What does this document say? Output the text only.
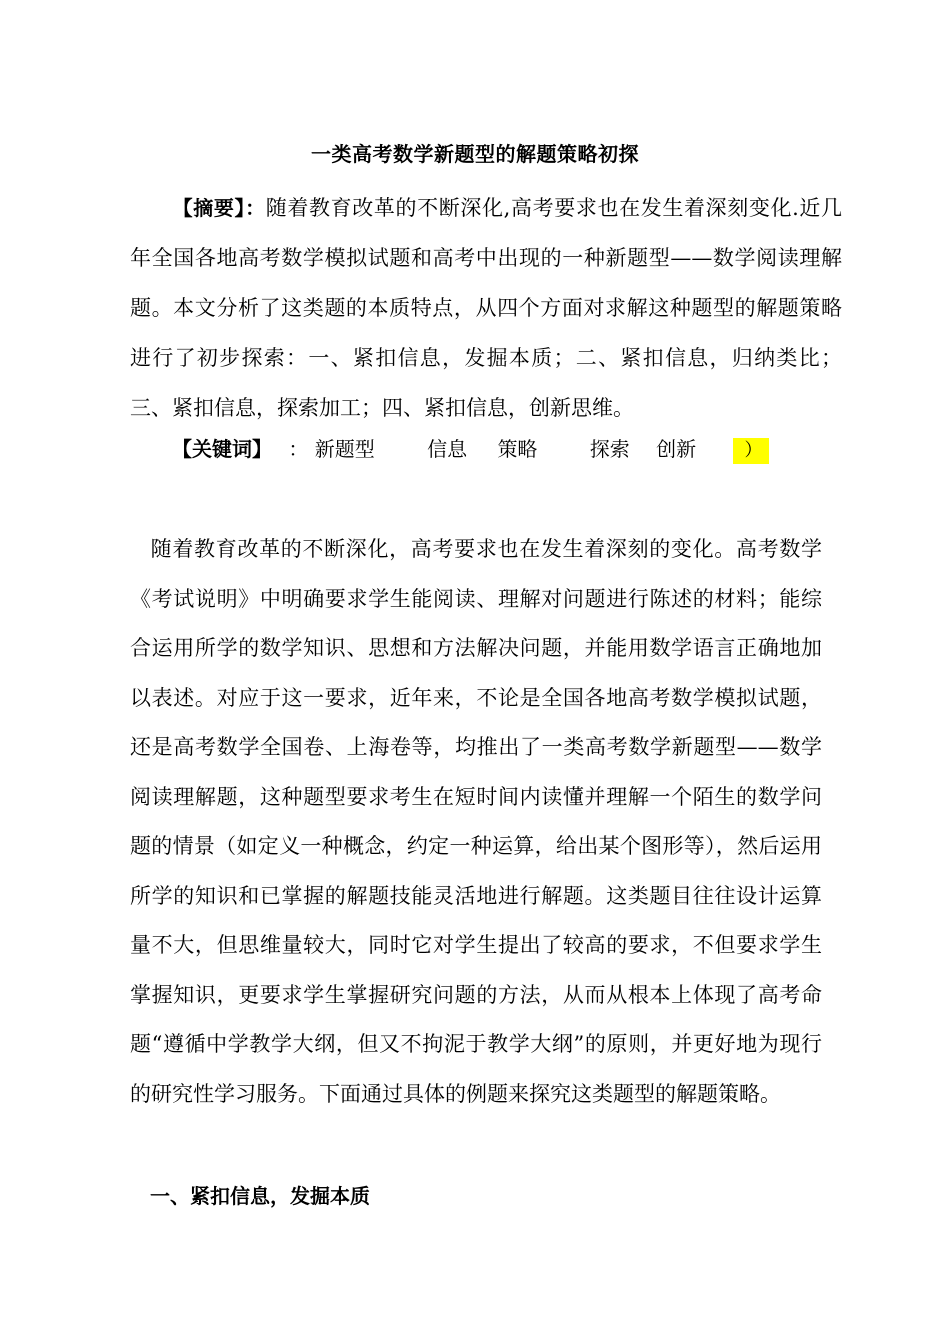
一类高考数学新题型的解题策略初探
【摘要】：随着教育改革的不断深化,高考要求也在发生着深刻变化.近几年全国各地高考数学模拟试题和高考中出现的一种新题型——数学阅读理解题。本文分析了这类题的本质特点，从四个方面对求解这种题型的解题策略进行了初步探索：一、紧扣信息，发掘本质；二、紧扣信息，归纳类比；三、紧扣信息，探索加工；四、紧扣信息，创新思维。
【关键词】 ： 新题型	信息 策略	探索 创新	）
随着教育改革的不断深化，高考要求也在发生着深刻的变化。高考数学《考试说明》中明确要求学生能阅读、理解对问题进行陈述的材料；能综合运用所学的数学知识、思想和方法解决问题，并能用数学语言正确地加以表述。对应于这一要求，近年来，不论是全国各地高考数学模拟试题，还是高考数学全国卷、上海卷等，均推出了一类高考数学新题型——数学阅读理解题，这种题型要求考生在短时间内读懂并理解一个陌生的数学问题的情景（如定义一种概念，约定一种运算，给出某个图形等），然后运用所学的知识和已掌握的解题技能灵活地进行解题。这类题目往往设计运算量不大，但思维量较大，同时它对学生提出了较高的要求，不但要求学生掌握知识，更要求学生掌握研究问题的方法，从而从根本上体现了高考命题“遵循中学教学大纲，但又不拘泥于教学大纲”的原则，并更好地为现行的研究性学习服务。下面通过具体的例题来探究这类题型的解题策略。
一、紧扣信息，发掘本质
